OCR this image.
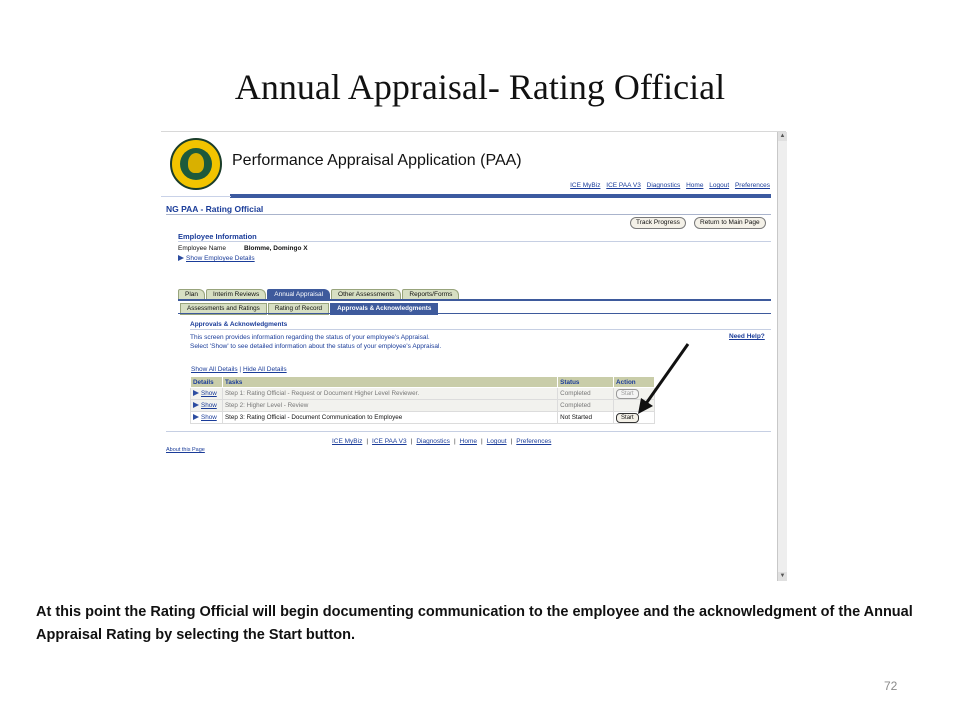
Annual Appraisal- Rating Official
▲
▼
Performance Appraisal Application (PAA)
ICE MyBiz ICE PAA V3 Diagnostics Home Logout Preferences
NG PAA - Rating Official
Track Progress	Return to Main Page
Employee Information
Employee Name	Blomme, Domingo X
Show Employee Details
Plan	Interim Reviews	Annual Appraisal	Other Assessments	Reports/Forms
Assessments and Ratings	Rating of Record	Approvals & Acknowledgments
Approvals & Acknowledgments
This screen provides information regarding the status of your employee's Appraisal.
Select 'Show' to see detailed information about the status of your employee's Appraisal.
Need Help?
Show All Details | Hide All Details
Details	Tasks	Status	Action
Show	Step 1: Rating Official - Request or Document Higher Level Reviewer.	Completed	Start
Show	Step 2: Higher Level - Review	Completed	
Show	Step 3: Rating Official - Document Communication to Employee	Not Started	Start
ICE MyBiz | ICE PAA V3 | Diagnostics | Home | Logout | Preferences
About this Page
At this point the Rating Official will begin documenting communication to the employee and the acknowledgment of the Annual Appraisal Rating by selecting the Start button.
72
